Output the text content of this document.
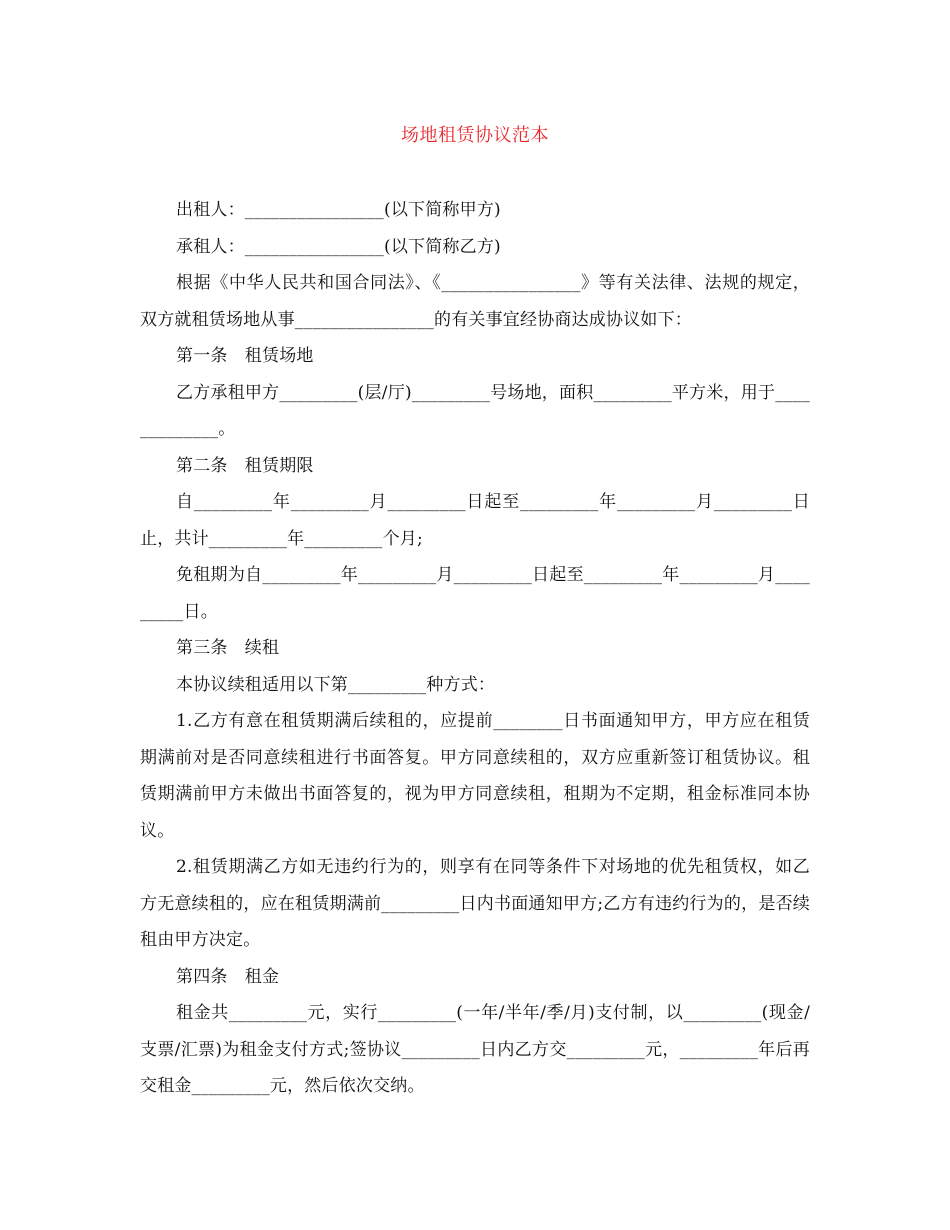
场地租赁协议范本

出租人：________________(以下简称甲方)

承租人：________________(以下简称乙方)

根据《中华人民共和国合同法》、《________________》等有关法律、法规的规定，双方就租赁场地从事________________的有关事宜经协商达成协议如下：

第一条　租赁场地

乙方承租甲方_________(层/厅)_________号场地，面积_________平方米，用于_____________。

第二条　租赁期限

自_________年_________月_________日起至_________年_________月_________日止，共计_________年_________个月;

免租期为自_________年_________月_________日起至_________年_________月_________日。

第三条　续租

本协议续租适用以下第_________种方式：

1.乙方有意在租赁期满后续租的，应提前________日书面通知甲方，甲方应在租赁期满前对是否同意续租进行书面答复。甲方同意续租的，双方应重新签订租赁协议。租赁期满前甲方未做出书面答复的，视为甲方同意续租，租期为不定期，租金标准同本协议。

2.租赁期满乙方如无违约行为的，则享有在同等条件下对场地的优先租赁权，如乙方无意续租的，应在租赁期满前_________日内书面通知甲方;乙方有违约行为的，是否续租由甲方决定。

第四条　租金

租金共_________元，实行_________(一年/半年/季/月)支付制，以_________(现金/支票/汇票)为租金支付方式;签协议_________日内乙方交_________元，_________年后再交租金_________元，然后依次交纳。
